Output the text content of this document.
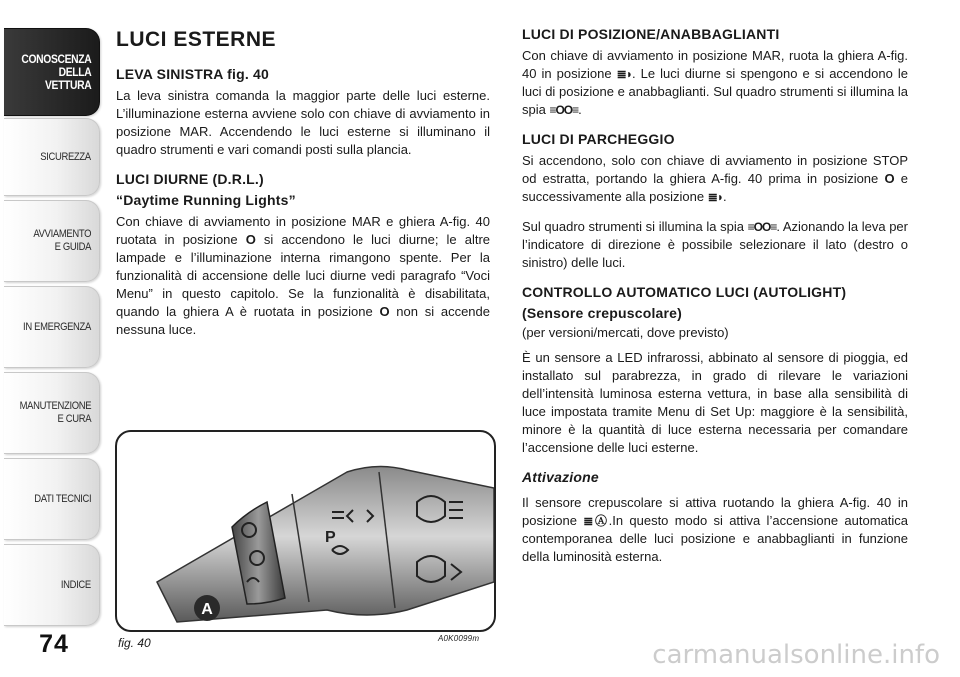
CONOSCENZA
DELLA
VETTURA
SICUREZZA
AVVIAMENTO
E GUIDA
IN EMERGENZA
MANUTENZIONE
E CURA
DATI TECNICI
INDICE
74
LUCI ESTERNE
LEVA SINISTRA fig. 40

La leva sinistra comanda la maggior parte delle luci esterne. L’illuminazione esterna avviene solo con chiave di avviamento in posizione MAR. Accendendo le luci esterne si illuminano il quadro strumenti e vari comandi posti sulla plancia.

LUCI DIURNE (D.R.L.)
“Daytime Running Lights”

Con chiave di avviamento in posizione MAR e ghiera A-fig. 40 ruotata in posizione O si accendono le luci diurne; le altre lampade e l’illuminazione interna rimangono spente. Per la funzionalità di accensione delle luci diurne vedi paragrafo “Voci Menu” in questo capitolo. Se la funzionalità è disabilitata, quando la ghiera A è ruotata in posizione O non si accende nessuna luce.

P
A
fig. 40	A0K0099m
LUCI DI POSIZIONE/ANABBAGLIANTI

Con chiave di avviamento in posizione MAR, ruota la ghiera A-fig. 40 in posizione ≣◗. Le luci diurne si spengono e si accendono le luci di posizione e anabbaglianti. Sul quadro strumenti si illumina la spia ≡OO≡.

LUCI DI PARCHEGGIO

Si accendono, solo con chiave di avviamento in posizione STOP od estratta, portando la ghiera A-fig. 40 prima in posizione O e successivamente alla posizione ≣◗.

Sul quadro strumenti si illumina la spia ≡OO≡. Azionando la leva per l’indicatore di direzione è possibile selezionare il lato (destro o sinistro) delle luci.

CONTROLLO AUTOMATICO LUCI (AUTOLIGHT)
(Sensore crepuscolare)
(per versioni/mercati, dove previsto)

È un sensore a LED infrarossi, abbinato al sensore di pioggia, ed installato sul parabrezza, in grado di rilevare le variazioni dell’intensità luminosa esterna vettura, in base alla sensibilità di luce impostata tramite Menu di Set Up: maggiore è la sensibilità, minore è la quantità di luce esterna necessaria per comandare l’accensione delle luci esterne.

Attivazione

Il sensore crepuscolare si attiva ruotando la ghiera A-fig. 40 in posizione ≣Ⓐ.In questo modo si attiva l’accensione automatica contemporanea delle luci posizione e anabbaglianti in funzione della luminosità esterna.

carmanualsonline.info
